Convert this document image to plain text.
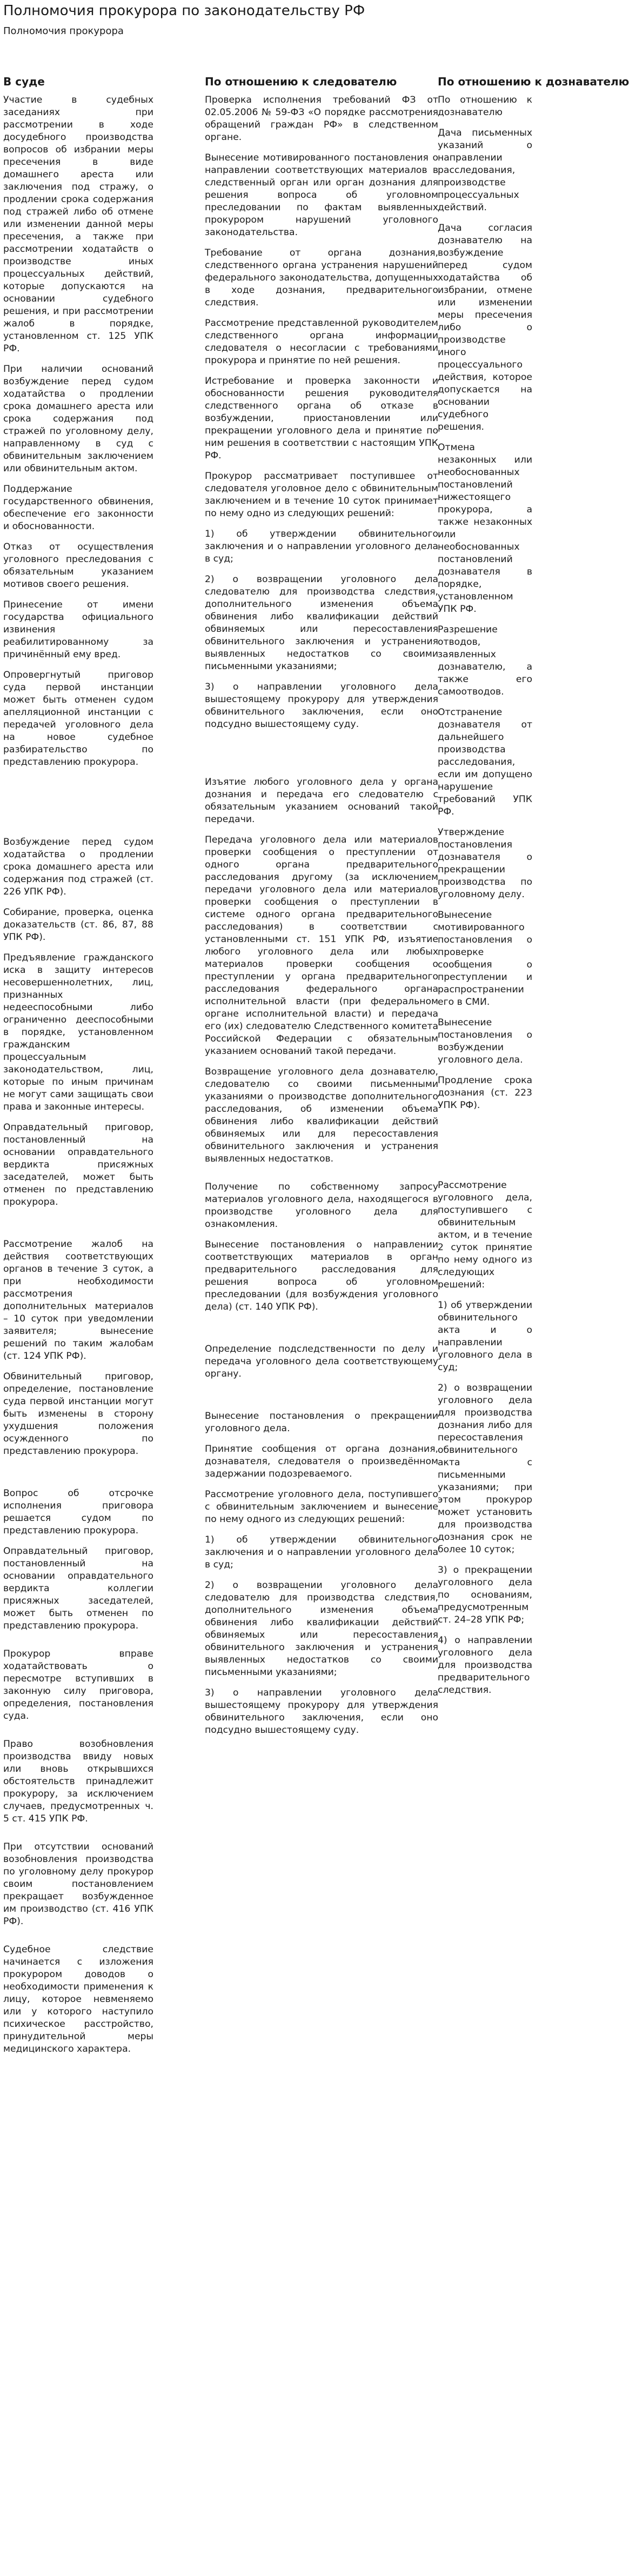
Полномочия прокурора по законодательству РФ
Полномочия прокурора
В суде	По отношению к следователю	По отношению к дознавателю

Участие в судебных заседаниях при рассмотрении в ходе досудебного производства вопросов об избрании меры пресечения в виде домашнего ареста или заключения под стражу, о продлении срока содержания под стражей либо об отмене или изменении данной меры пресечения, а также при рассмотрении ходатайств о производстве иных процессуальных действий, которые допускаются на основании судебного решения, и при рассмотрении жалоб в порядке, установленном ст. 125 УПК РФ.

При наличии оснований возбуждение перед судом ходатайства о продлении срока домашнего ареста или срока содержания под стражей по уголовному делу, направленному в суд с обвинительным заключением или обвинительным актом.

Поддержание государственного обвинения, обеспечение его законности и обоснованности.

Отказ от осуществления уголовного преследования с обязательным указанием мотивов своего решения.

Принесение от имени государства официального извинения реабилитированному за причинённый ему вред.

Опровергнутый приговор суда первой инстанции может быть отменен судом апелляционной инстанции с передачей уголовного дела на новое судебное разбирательство по представлению прокурора.

Возбуждение перед судом ходатайства о продлении срока домашнего ареста или содержания под стражей (ст. 226 УПК РФ).

Собирание, проверка, оценка доказательств (ст. 86, 87, 88 УПК РФ).

Предъявление гражданского иска в защиту интересов несовершеннолетних, лиц, признанных недееспособными либо ограниченно дееспособными в порядке, установленном гражданским процессуальным законодательством, лиц, которые по иным причинам не могут сами защищать свои права и законные интересы.

Оправдательный приговор, постановленный на основании оправдательного вердикта присяжных заседателей, может быть отменен по представлению прокурора.

Рассмотрение жалоб на действия соответствующих органов в течение 3 суток, а при необходимости рассмотрения дополнительных материалов – 10 суток при уведомлении заявителя; вынесение решений по таким жалобам (ст. 124 УПК РФ).

Обвинительный приговор, определение, постановление суда первой инстанции могут быть изменены в сторону ухудшения положения осужденного по представлению прокурора.

Вопрос об отсрочке исполнения приговора решается судом по представлению прокурора.

Оправдательный приговор, постановленный на основании оправдательного вердикта коллегии присяжных заседателей, может быть отменен по представлению прокурора.

Прокурор вправе ходатайствовать о пересмотре вступивших в законную силу приговора, определения, постановления суда.

Право возобновления производства ввиду новых или вновь открывшихся обстоятельств принадлежит прокурору, за исключением случаев, предусмотренных ч. 5 ст. 415 УПК РФ.

При отсутствии оснований возобновления производства по уголовному делу прокурор своим постановлением прекращает возбужденное им производство (ст. 416 УПК РФ).

Судебное следствие начинается с изложения прокурором доводов о необходимости применения к лицу, которое невменяемо или у которого наступило психическое расстройство, принудительной меры медицинского характера.

Проверка исполнения требований ФЗ от 02.05.2006 № 59-ФЗ «О порядке рассмотрения обращений граждан РФ» в следственном органе.

Вынесение мотивированного постановления о направлении соответствующих материалов в следственный орган или орган дознания для решения вопроса об уголовном преследовании по фактам выявленных прокурором нарушений уголовного законодательства.

Требование от органа дознания, следственного органа устранения нарушений федерального законодательства, допущенных в ходе дознания, предварительного следствия.

Рассмотрение представленной руководителем следственного органа информации следователя о несогласии с требованиями прокурора и принятие по ней решения.

Истребование и проверка законности и обоснованности решения руководителя следственного органа об отказе в возбуждении, приостановлении или прекращении уголовного дела и принятие по ним решения в соответствии с настоящим УПК РФ.

Прокурор рассматривает поступившее от следователя уголовное дело с обвинительным заключением и в течение 10 суток принимает по нему одно из следующих решений:

1) об утверждении обвинительного заключения и о направлении уголовного дела в суд;

2) о возвращении уголовного дела следователю для производства следствия, дополнительного изменения объема обвинения либо квалификации действий обвиняемых или пересоставления обвинительного заключения и устранения выявленных недостатков со своими письменными указаниями;

3) о направлении уголовного дела вышестоящему прокурору для утверждения обвинительного заключения, если оно подсудно вышестоящему суду.

Изъятие любого уголовного дела у органа дознания и передача его следователю с обязательным указанием оснований такой передачи.

Передача уголовного дела или материалов проверки сообщения о преступлении от одного органа предварительного расследования другому (за исключением передачи уголовного дела или материалов проверки сообщения о преступлении в системе одного органа предварительного расследования) в соответствии с установленными ст. 151 УПК РФ, изъятие любого уголовного дела или любых материалов проверки сообщения о преступлении у органа предварительного расследования федерального органа исполнительной власти (при федеральном органе исполнительной власти) и передача его (их) следователю Следственного комитета Российской Федерации с обязательным указанием оснований такой передачи.

Возвращение уголовного дела дознавателю, следователю со своими письменными указаниями о производстве дополнительного расследования, об изменении объема обвинения либо квалификации действий обвиняемых или для пересоставления обвинительного заключения и устранения выявленных недостатков.

Получение по собственному запросу материалов уголовного дела, находящегося в производстве уголовного дела для ознакомления.

Вынесение постановления о направлении соответствующих материалов в орган предварительного расследования для решения вопроса об уголовном преследовании (для возбуждения уголовного дела) (ст. 140 УПК РФ).

Определение подследственности по делу и передача уголовного дела соответствующему органу.

Вынесение постановления о прекращении уголовного дела.

Принятие сообщения от органа дознания, дознавателя, следователя о произведённом задержании подозреваемого.

Рассмотрение уголовного дела, поступившего с обвинительным заключением и вынесение по нему одного из следующих решений:

1) об утверждении обвинительного заключения и о направлении уголовного дела в суд;

2) о возвращении уголовного дела следователю для производства следствия, дополнительного изменения объема обвинения либо квалификации действий обвиняемых или пересоставления обвинительного заключения и устранения выявленных недостатков со своими письменными указаниями;

3) о направлении уголовного дела вышестоящему прокурору для утверждения обвинительного заключения, если оно подсудно вышестоящему суду.

По отношению к дознавателю

Дача письменных указаний о направлении расследования, производстве процессуальных действий.

Дача согласия дознавателю на возбуждение перед судом ходатайства об избрании, отмене или изменении меры пресечения либо о производстве иного процессуального действия, которое допускается на основании судебного решения.

Отмена незаконных или необоснованных постановлений нижестоящего прокурора, а также незаконных или необоснованных постановлений дознавателя в порядке, установленном УПК РФ.

Разрешение отводов, заявленных дознавателю, а также его самоотводов.

Отстранение дознавателя от дальнейшего производства расследования, если им допущено нарушение требований УПК РФ.

Утверждение постановления дознавателя о прекращении производства по уголовному делу.

Вынесение мотивированного постановления о проверке сообщения о преступлении и распространении его в СМИ.

Вынесение постановления о возбуждении уголовного дела.

Продление срока дознания (ст. 223 УПК РФ).

Рассмотрение уголовного дела, поступившего с обвинительным актом, и в течение 2 суток принятие по нему одного из следующих решений:

1) об утверждении обвинительного акта и о направлении уголовного дела в суд;

2) о возвращении уголовного дела для производства дознания либо для пересоставления обвинительного акта с письменными указаниями; при этом прокурор может установить для производства дознания срок не более 10 суток;

3) о прекращении уголовного дела по основаниям, предусмотренным ст. 24–28 УПК РФ;

4) о направлении уголовного дела для производства предварительного следствия.
